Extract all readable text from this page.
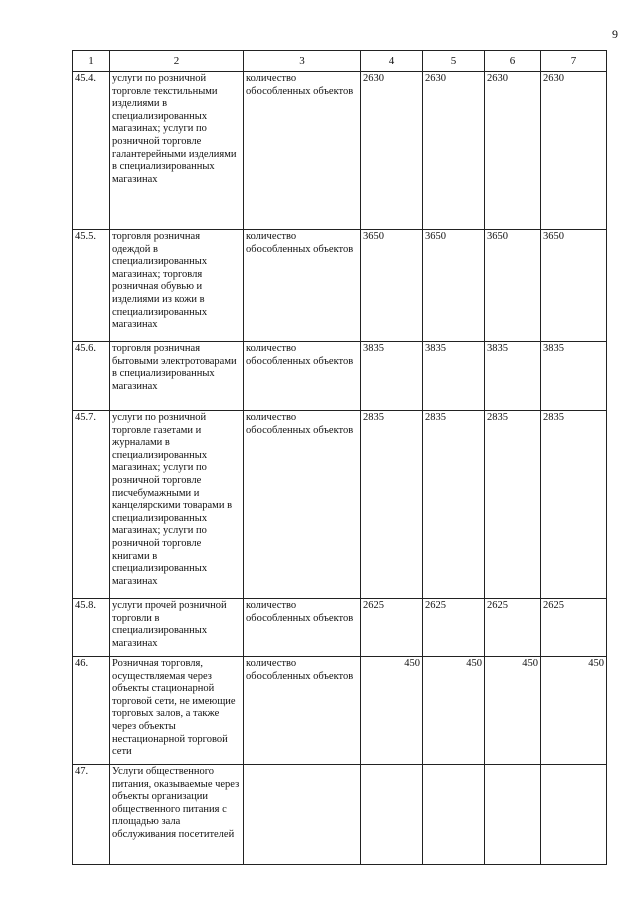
9
1	2	3	4	5	6	7
45.4.	услуги по розничной торговле текстильными изделиями в специализированных магазинах; услуги по розничной торговле галантерейными изделиями в специализированных магазинах	количество обособленных объектов	2630	2630	2630	2630
45.5.	торговля розничная одеждой в специализированных магазинах; торговля розничная обувью и изделиями из кожи в специализированных магазинах	количество обособленных объектов	3650	3650	3650	3650
45.6.	торговля розничная бытовыми электротоварами в специализированных магазинах	количество обособленных объектов	3835	3835	3835	3835
45.7.	услуги по розничной торговле газетами и журналами в специализированных магазинах; услуги по розничной торговле писчебумажными и канцелярскими товарами в специализированных магазинах; услуги по розничной торговле книгами в специализированных магазинах	количество обособленных объектов	2835	2835	2835	2835
45.8.	услуги прочей розничной торговли в специализированных магазинах	количество обособленных объектов	2625	2625	2625	2625
46.	Розничная торговля, осуществляемая через объекты стационарной торговой сети, не имеющие торговых залов, а также через объекты нестационарной торговой сети	количество обособленных объектов	450	450	450	450
47.	Услуги общественного питания, оказываемые через объекты организации общественного питания с площадью зала обслуживания посетителей					
